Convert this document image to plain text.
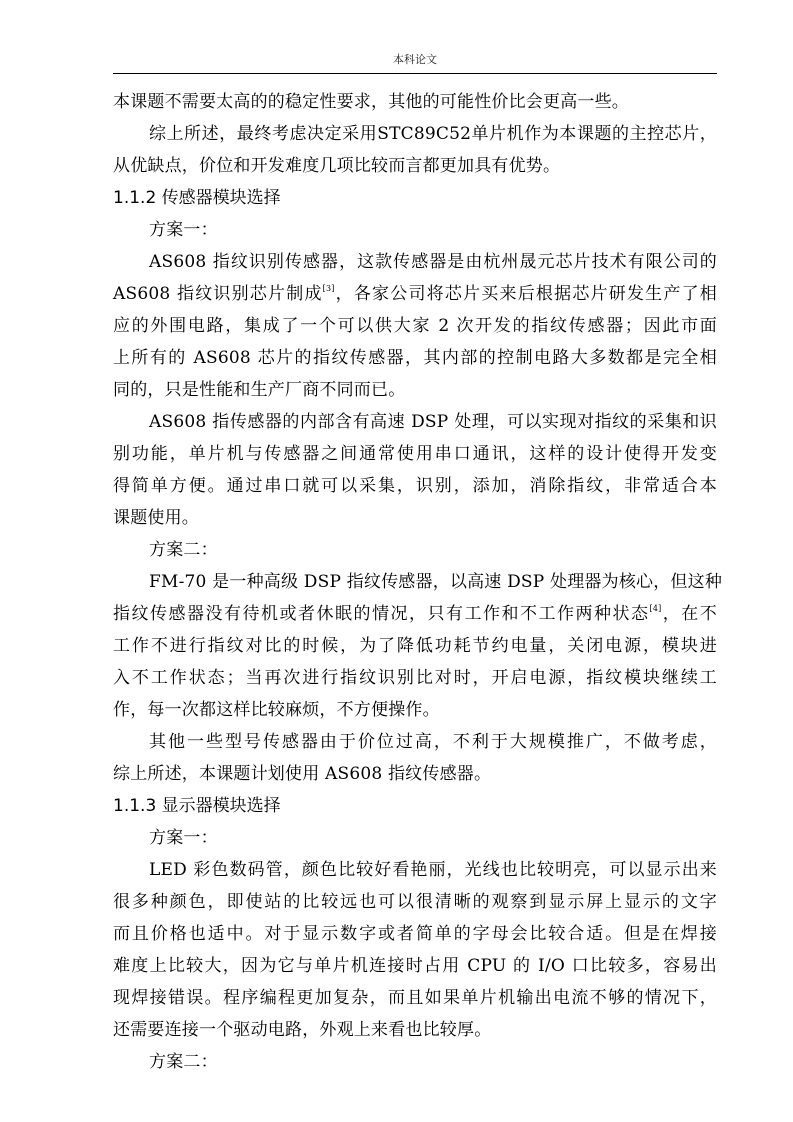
本科论文

本课题不需要太高的的稳定性要求，其他的可能性价比会更高一些。

综上所述，最终考虑决定采用STC89C52单片机作为本课题的主控芯片，

从优缺点，价位和开发难度几项比较而言都更加具有优势。

1.1.2 传感器模块选择

方案一：

AS608 指纹识别传感器，这款传感器是由杭州晟元芯片技术有限公司的

AS608 指纹识别芯片制成[3]，各家公司将芯片买来后根据芯片研发生产了相

应的外围电路，集成了一个可以供大家 2 次开发的指纹传感器；因此市面

上所有的 AS608 芯片的指纹传感器，其内部的控制电路大多数都是完全相

同的，只是性能和生产厂商不同而已。

AS608 指传感器的内部含有高速 DSP 处理，可以实现对指纹的采集和识

别功能，单片机与传感器之间通常使用串口通讯，这样的设计使得开发变

得简单方便。通过串口就可以采集，识别，添加，消除指纹，非常适合本

课题使用。

方案二：

FM-70 是一种高级 DSP 指纹传感器，以高速 DSP 处理器为核心，但这种

指纹传感器没有待机或者休眠的情况，只有工作和不工作两种状态[4]，在不

工作不进行指纹对比的时候，为了降低功耗节约电量，关闭电源，模块进

入不工作状态；当再次进行指纹识别比对时，开启电源，指纹模块继续工

作，每一次都这样比较麻烦，不方便操作。

其他一些型号传感器由于价位过高，不利于大规模推广，不做考虑，

综上所述，本课题计划使用 AS608 指纹传感器。

1.1.3 显示器模块选择

方案一：

LED 彩色数码管，颜色比较好看艳丽，光线也比较明亮，可以显示出来

很多种颜色，即使站的比较远也可以很清晰的观察到显示屏上显示的文字

而且价格也适中。对于显示数字或者简单的字母会比较合适。但是在焊接

难度上比较大，因为它与单片机连接时占用 CPU 的 I/O 口比较多，容易出

现焊接错误。程序编程更加复杂，而且如果单片机输出电流不够的情况下，

还需要连接一个驱动电路，外观上来看也比较厚。

方案二：
